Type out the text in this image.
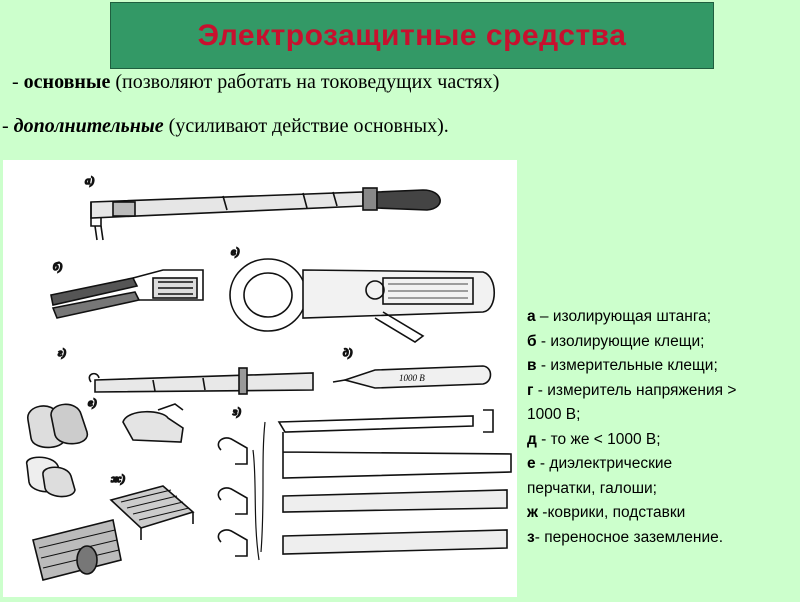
Электрозащитные средства
- основные (позволяют работать на токоведущих частях)
- дополнительные (усиливают действие основных).
а)
б)
в)
г)	д)
1000 В
е)
ж)
з)
а – изолирующая штанга;
б - изолирующие клещи;
в - измерительные клещи;
г - измеритель напряжения >
1000 В;
д - то же < 1000 В;
е - диэлектрические
перчатки, галоши;
ж -коврики, подставки
з- переносное заземление.
